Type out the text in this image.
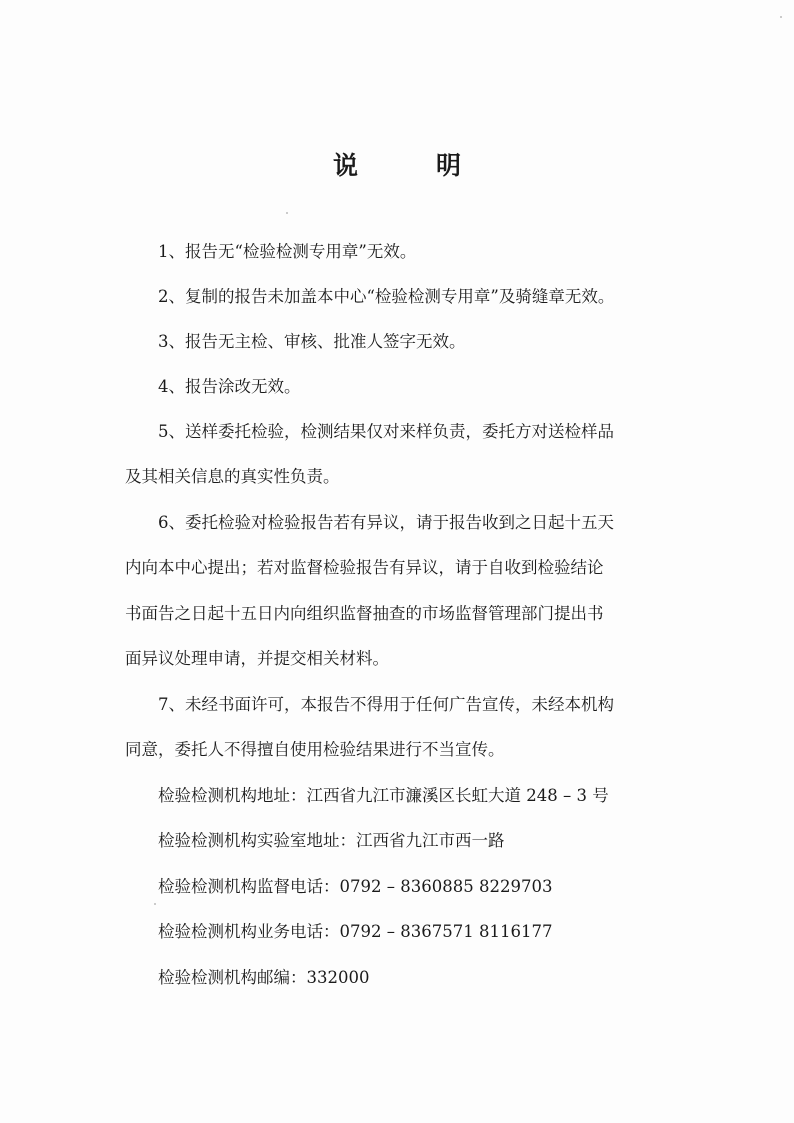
说	明
1、报告无“检验检测专用章”无效。
2、复制的报告未加盖本中心“检验检测专用章”及骑缝章无效。
3、报告无主检、审核、批准人签字无效。
4、报告涂改无效。
5、送样委托检验，检测结果仅对来样负责，委托方对送检样品
及其相关信息的真实性负责。
6、委托检验对检验报告若有异议，请于报告收到之日起十五天
内向本中心提出；若对监督检验报告有异议，请于自收到检验结论
书面告之日起十五日内向组织监督抽查的市场监督管理部门提出书
面异议处理申请，并提交相关材料。
7、未经书面许可，本报告不得用于任何广告宣传，未经本机构
同意，委托人不得擅自使用检验结果进行不当宣传。
检验检测机构地址：江西省九江市濂溪区长虹大道 248 – 3 号
检验检测机构实验室地址：江西省九江市西一路
检验检测机构监督电话：0792 – 8360885 8229703
检验检测机构业务电话：0792 – 8367571 8116177
检验检测机构邮编：332000
